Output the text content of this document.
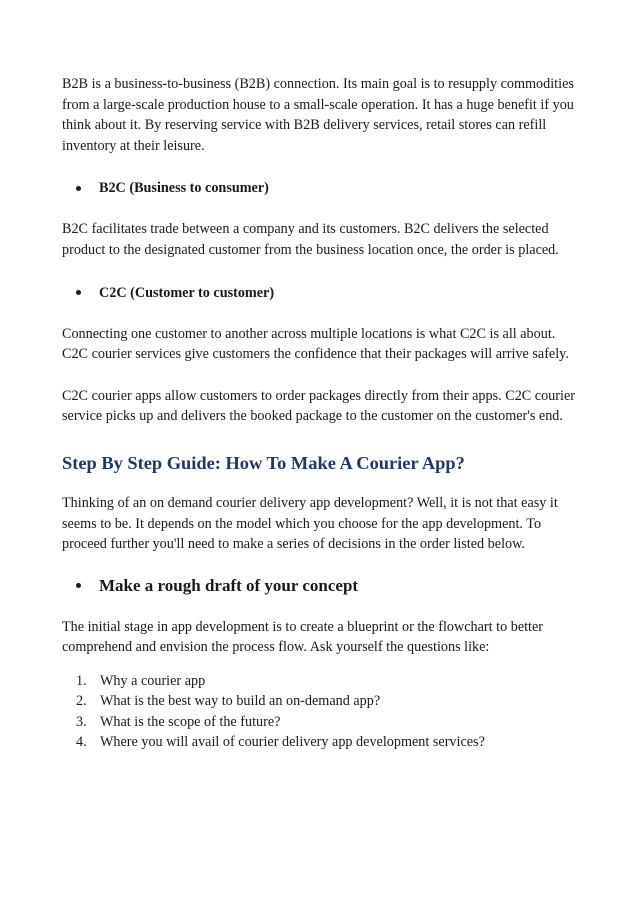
B2B is a business-to-business (B2B) connection. Its main goal is to resupply commodities from a large-scale production house to a small-scale operation. It has a huge benefit if you think about it. By reserving service with B2B delivery services, retail stores can refill inventory at their leisure.

B2C (Business to consumer)

B2C facilitates trade between a company and its customers. B2C delivers the selected product to the designated customer from the business location once, the order is placed.

C2C (Customer to customer)

Connecting one customer to another across multiple locations is what C2C is all about. C2C courier services give customers the confidence that their packages will arrive safely.

C2C courier apps allow customers to order packages directly from their apps. C2C courier service picks up and delivers the booked package to the customer on the customer's end.

Step By Step Guide: How To Make A Courier App?

Thinking of an on demand courier delivery app development? Well, it is not that easy it seems to be. It depends on the model which you choose for the app development. To proceed further you'll need to make a series of decisions in the order listed below.

Make a rough draft of your concept

The initial stage in app development is to create a blueprint or the flowchart to better comprehend and envision the process flow. Ask yourself the questions like:

1. Why a courier app
2. What is the best way to build an on-demand app?
3. What is the scope of the future?
4. Where you will avail of courier delivery app development services?
